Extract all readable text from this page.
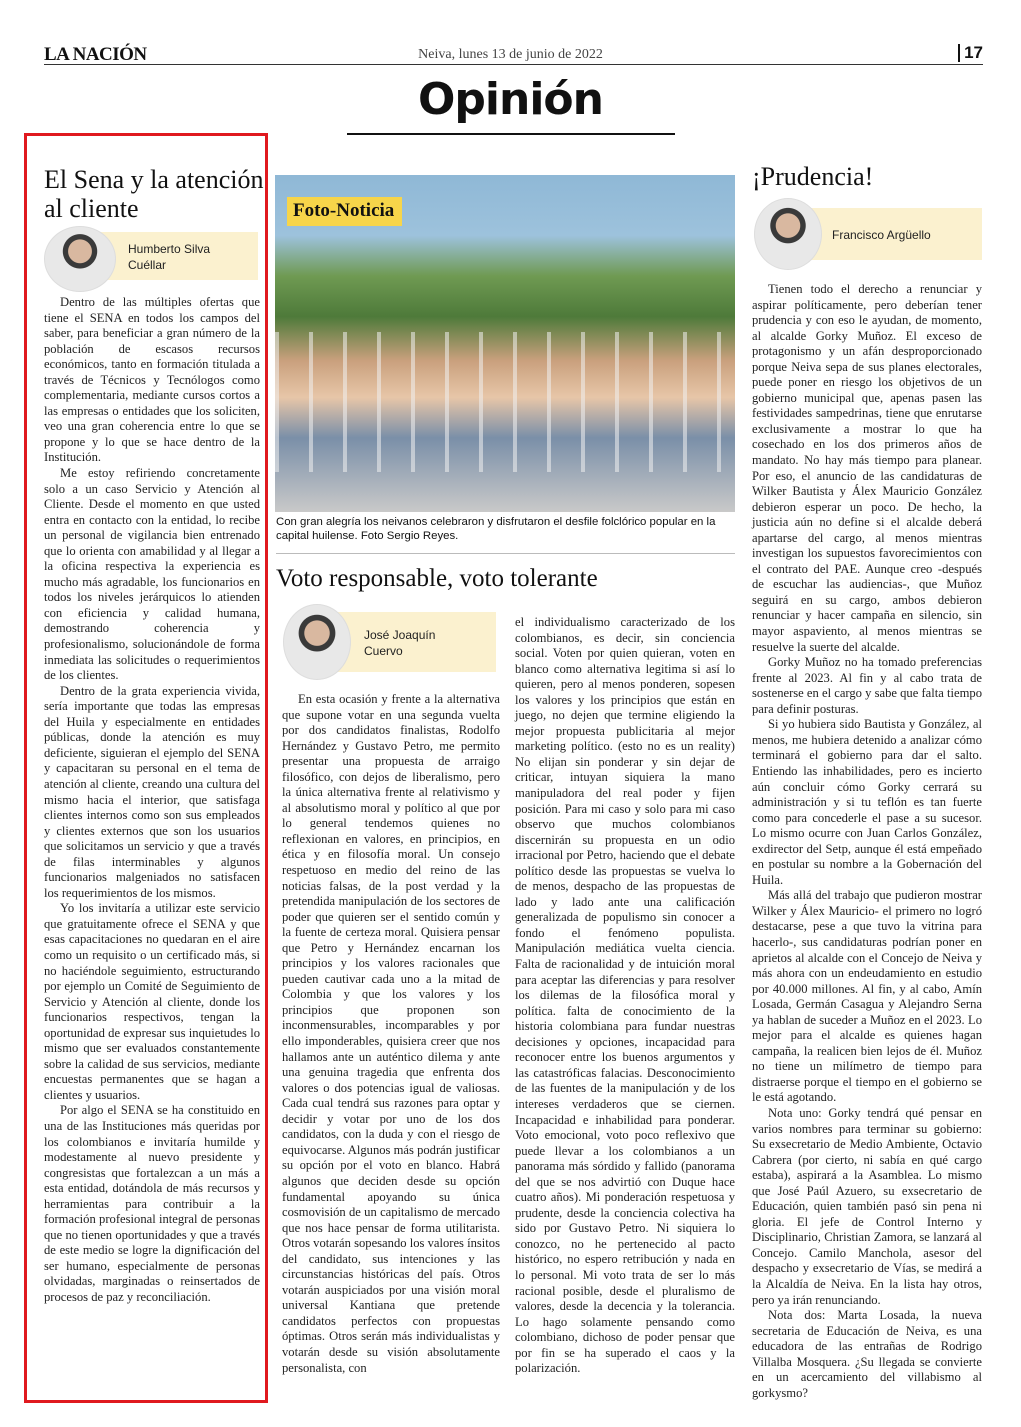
LA NACIÓN	Neiva, lunes 13 de junio de 2022	17
Opinión
El Sena y la atención al cliente
Humberto Silva Cuéllar

Dentro de las múltiples ofertas que tiene el SENA en todos los campos del saber, para beneficiar a gran número de la población de escasos recursos económicos, tanto en formación titulada a través de Técnicos y Tecnólogos como complementaria, mediante cursos cortos a las empresas o entidades que los soliciten, veo una gran coherencia entre lo que se propone y lo que se hace dentro de la Institución.

Me estoy refiriendo concretamente solo a un caso Servicio y Atención al Cliente. Desde el momento en que usted entra en contacto con la entidad, lo recibe un personal de vigilancia bien entrenado que lo orienta con amabilidad y al llegar a la oficina respectiva la experiencia es mucho más agradable, los funcionarios en todos los niveles jerárquicos lo atienden con eficiencia y calidad humana, demostrando coherencia y profesionalismo, solucionándole de forma inmediata las solicitudes o requerimientos de los clientes.

Dentro de la grata experiencia vivida, sería importante que todas las empresas del Huila y especialmente en entidades públicas, donde la atención es muy deficiente, siguieran el ejemplo del SENA y capacitaran su personal en el tema de atención al cliente, creando una cultura del mismo hacia el interior, que satisfaga clientes internos como son sus empleados y clientes externos que son los usuarios que solicitamos un servicio y que a través de filas interminables y algunos funcionarios malgeniados no satisfacen los requerimientos de los mismos.

Yo los invitaría a utilizar este servicio que gratuitamente ofrece el SENA y que esas capacitaciones no quedaran en el aire como un requisito o un certificado más, si no haciéndole seguimiento, estructurando por ejemplo un Comité de Seguimiento de Servicio y Atención al cliente, donde los funcionarios respectivos, tengan la oportunidad de expresar sus inquietudes lo mismo que ser evaluados constantemente sobre la calidad de sus servicios, mediante encuestas permanentes que se hagan a clientes y usuarios.

Por algo el SENA se ha constituido en una de las Instituciones más queridas por los colombianos e invitaría humilde y modestamente al nuevo presidente y congresistas que fortalezcan a un más a esta entidad, dotándola de más recursos y herramientas para contribuir a la formación profesional integral de personas que no tienen oportunidades y que a través de este medio se logre la dignificación del ser humano, especialmente de personas olvidadas, marginadas o reinsertados de procesos de paz y reconciliación.

Foto-Noticia
Con gran alegría los neivanos celebraron y disfrutaron el desfile folclórico popular en la capital huilense. Foto Sergio Reyes.
Voto responsable, voto tolerante
José Joaquín Cuervo

En esta ocasión y frente a la alternativa que supone votar en una segunda vuelta por dos candidatos finalistas, Rodolfo Hernández y Gustavo Petro, me permito presentar una propuesta de arraigo filosófico, con dejos de liberalismo, pero la única alternativa frente al relativismo y al absolutismo moral y político al que por lo general tendemos quienes no reflexionan en valores, en principios, en ética y en filosofía moral. Un consejo respetuoso en medio del reino de las noticias falsas, de la post verdad y la pretendida manipulación de los sectores de poder que quieren ser el sentido común y la fuente de certeza moral. Quisiera pensar que Petro y Hernández encarnan los principios y los valores racionales que pueden cautivar cada uno a la mitad de Colombia y que los valores y los principios que proponen son inconmensurables, incomparables y por ello imponderables, quisiera creer que nos hallamos ante un auténtico dilema y ante una genuina tragedia que enfrenta dos valores o dos potencias igual de valiosas. Cada cual tendrá sus razones para optar y decidir y votar por uno de los dos candidatos, con la duda y con el riesgo de equivocarse. Algunos más podrán justificar su opción por el voto en blanco. Habrá algunos que deciden desde su opción fundamental apoyando su única cosmovisión de un capitalismo de mercado que nos hace pensar de forma utilitarista. Otros votarán sopesando los valores ínsitos del candidato, sus intenciones y las circunstancias históricas del país. Otros votarán auspiciados por una visión moral universal Kantiana que pretende candidatos perfectos con propuestas óptimas. Otros serán más individualistas y votarán desde su visión absolutamente personalista, con

el individualismo caracterizado de los colombianos, es decir, sin conciencia social. Voten por quien quieran, voten en blanco como alternativa legitima si así lo quieren, pero al menos ponderen, sopesen los valores y los principios que están en juego, no dejen que termine eligiendo la mejor propuesta publicitaria al mejor marketing político. (esto no es un reality) No elijan sin ponderar y sin dejar de criticar, intuyan siquiera la mano manipuladora del real poder y fijen posición. Para mi caso y solo para mi caso observo que muchos colombianos discernirán su propuesta en un odio irracional por Petro, haciendo que el debate político desde las propuestas se vuelva lo de menos, despacho de las propuestas de lado y lado ante una calificación generalizada de populismo sin conocer a fondo el fenómeno populista. Manipulación mediática vuelta ciencia. Falta de racionalidad y de intuición moral para aceptar las diferencias y para resolver los dilemas de la filosófica moral y política. falta de conocimiento de la historia colombiana para fundar nuestras decisiones y opciones, incapacidad para reconocer entre los buenos argumentos y las catastróficas falacias. Desconocimiento de las fuentes de la manipulación y de los intereses verdaderos que se ciernen. Incapacidad e inhabilidad para ponderar. Voto emocional, voto poco reflexivo que puede llevar a los colombianos a un panorama más sórdido y fallido (panorama del que se nos advirtió con Duque hace cuatro años). Mi ponderación respetuosa y prudente, desde la conciencia colectiva ha sido por Gustavo Petro. Ni siquiera lo conozco, no he pertenecido al pacto histórico, no espero retribución y nada en lo personal. Mi voto trata de ser lo más racional posible, desde el pluralismo de valores, desde la decencia y la tolerancia. Lo hago solamente pensando como colombiano, dichoso de poder pensar que por fin se ha superado el caos y la polarización.

¡Prudencia!
Francisco Argüello

Tienen todo el derecho a renunciar y aspirar políticamente, pero deberían tener prudencia y con eso le ayudan, de momento, al alcalde Gorky Muñoz. El exceso de protagonismo y un afán desproporcionado porque Neiva sepa de sus planes electorales, puede poner en riesgo los objetivos de un gobierno municipal que, apenas pasen las festividades sampedrinas, tiene que enrutarse exclusivamente a mostrar lo que ha cosechado en los dos primeros años de mandato. No hay más tiempo para planear. Por eso, el anuncio de las candidaturas de Wilker Bautista y Álex Mauricio González debieron esperar un poco. De hecho, la justicia aún no define si el alcalde deberá apartarse del cargo, al menos mientras investigan los supuestos favorecimientos con el contrato del PAE. Aunque creo -después de escuchar las audiencias-, que Muñoz seguirá en su cargo, ambos debieron renunciar y hacer campaña en silencio, sin mayor aspaviento, al menos mientras se resuelve la suerte del alcalde.

Gorky Muñoz no ha tomado preferencias frente al 2023. Al fin y al cabo trata de sostenerse en el cargo y sabe que falta tiempo para definir posturas.

Si yo hubiera sido Bautista y González, al menos, me hubiera detenido a analizar cómo terminará el gobierno para dar el salto. Entiendo las inhabilidades, pero es incierto aún concluir cómo Gorky cerrará su administración y si tu teflón es tan fuerte como para concederle el pase a su sucesor. Lo mismo ocurre con Juan Carlos González, exdirector del Setp, aunque él está empeñado en postular su nombre a la Gobernación del Huila.

Más allá del trabajo que pudieron mostrar Wilker y Álex Mauricio- el primero no logró destacarse, pese a que tuvo la vitrina para hacerlo-, sus candidaturas podrían poner en aprietos al alcalde con el Concejo de Neiva y más ahora con un endeudamiento en estudio por 40.000 millones. Al fin, y al cabo, Amín Losada, Germán Casagua y Alejandro Serna ya hablan de suceder a Muñoz en el 2023. Lo mejor para el alcalde es quienes hagan campaña, la realicen bien lejos de él. Muñoz no tiene un milímetro de tiempo para distraerse porque el tiempo en el gobierno se le está agotando.

Nota uno: Gorky tendrá qué pensar en varios nombres para terminar su gobierno: Su exsecretario de Medio Ambiente, Octavio Cabrera (por cierto, ni sabía en qué cargo estaba), aspirará a la Asamblea. Lo mismo que José Paúl Azuero, su exsecretario de Educación, quien también pasó sin pena ni gloria. El jefe de Control Interno y Disciplinario, Christian Zamora, se lanzará al Concejo. Camilo Manchola, asesor del despacho y exsecretario de Vías, se medirá a la Alcaldía de Neiva. En la lista hay otros, pero ya irán renunciando.

Nota dos: Marta Losada, la nueva secretaria de Educación de Neiva, es una educadora de las entrañas de Rodrigo Villalba Mosquera. ¿Su llegada se convierte en un acercamiento del villabismo al gorkysmo?
